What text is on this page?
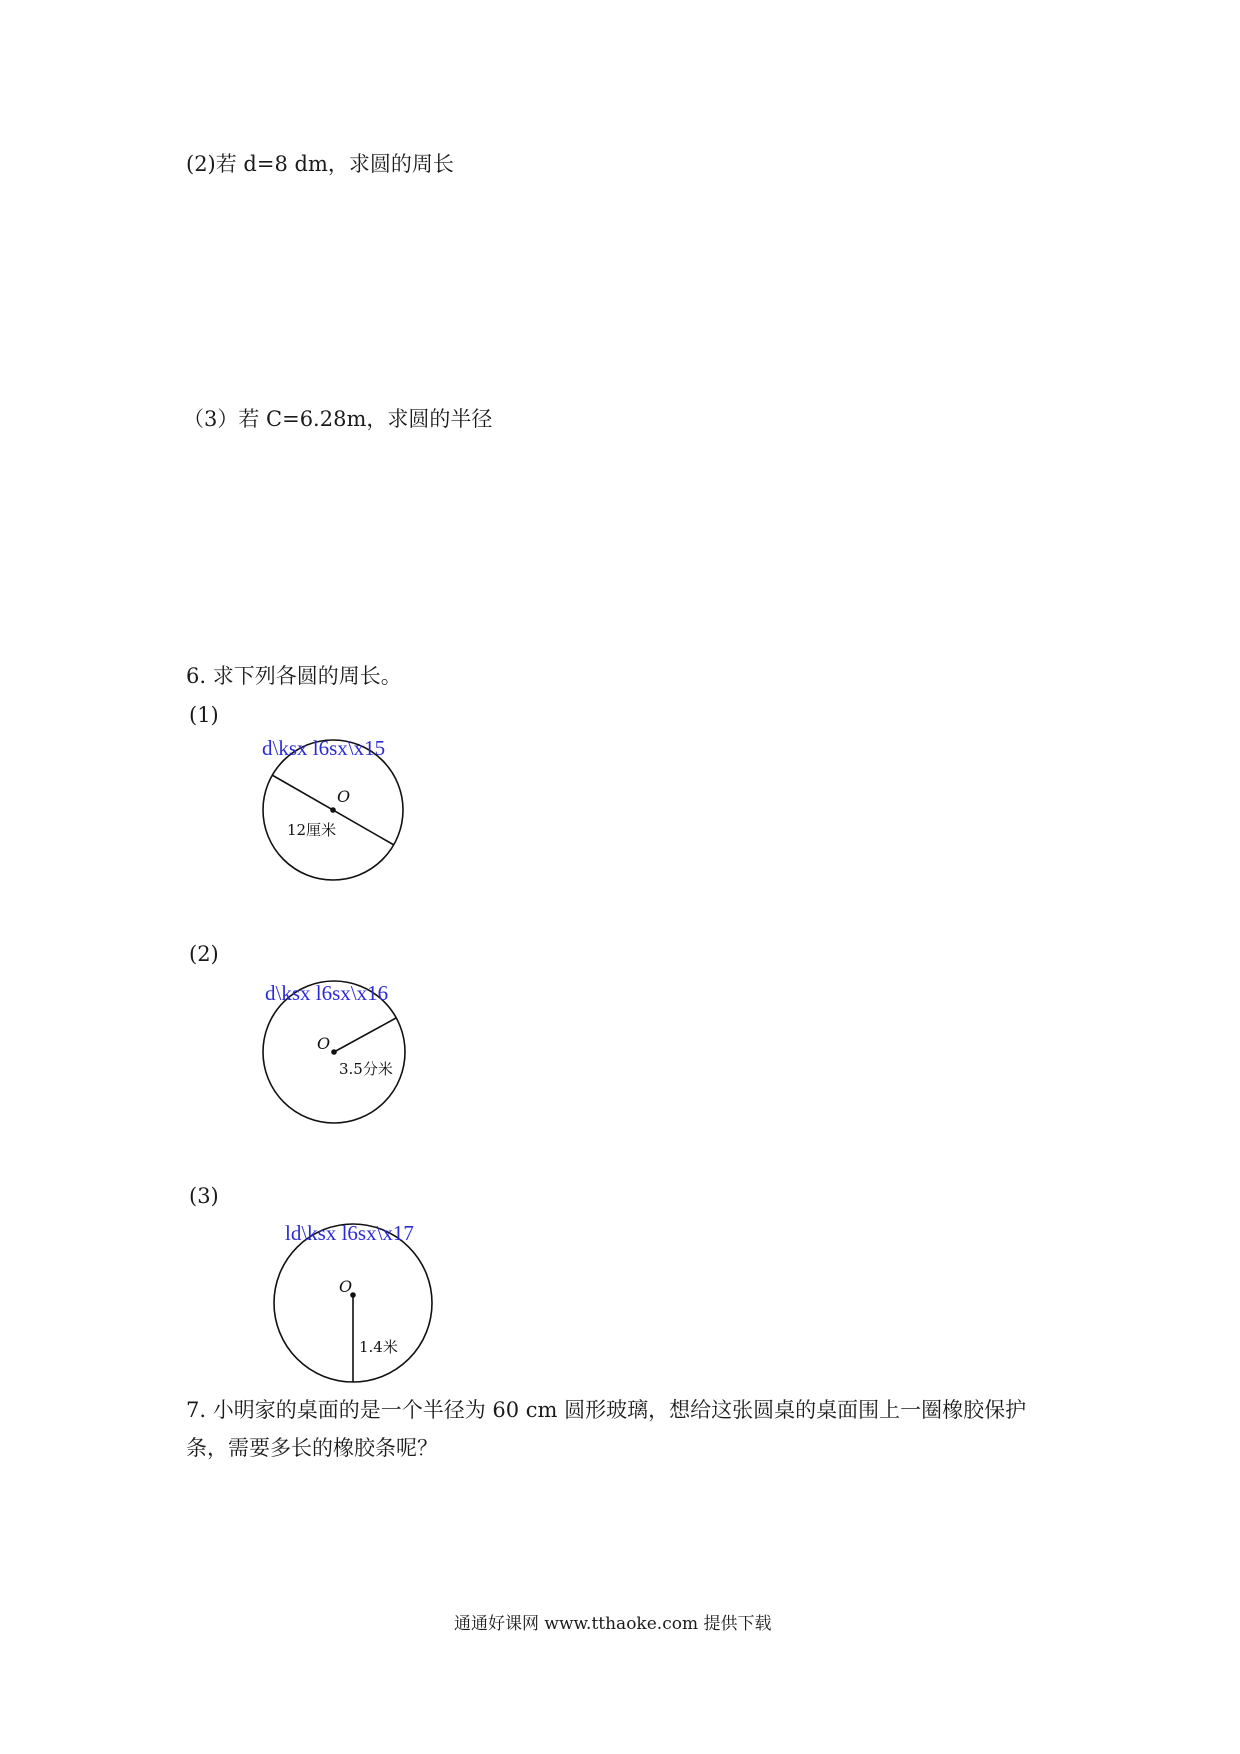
(2)若 d=8 dm，求圆的周长
（3）若 C=6.28m，求圆的半径
6. 求下列各圆的周长。
(1)
d\ksx l6sx\x15
O
12厘米
(2)
d\ksx l6sx\x16
O
3.5分米
(3)
ld\ksx l6sx\x17
O
1.4米
7. 小明家的桌面的是一个半径为 60 cm 圆形玻璃，想给这张圆桌的桌面围上一圈橡胶保护
条，需要多长的橡胶条呢？
通通好课网 www.tthaoke.com 提供下载
